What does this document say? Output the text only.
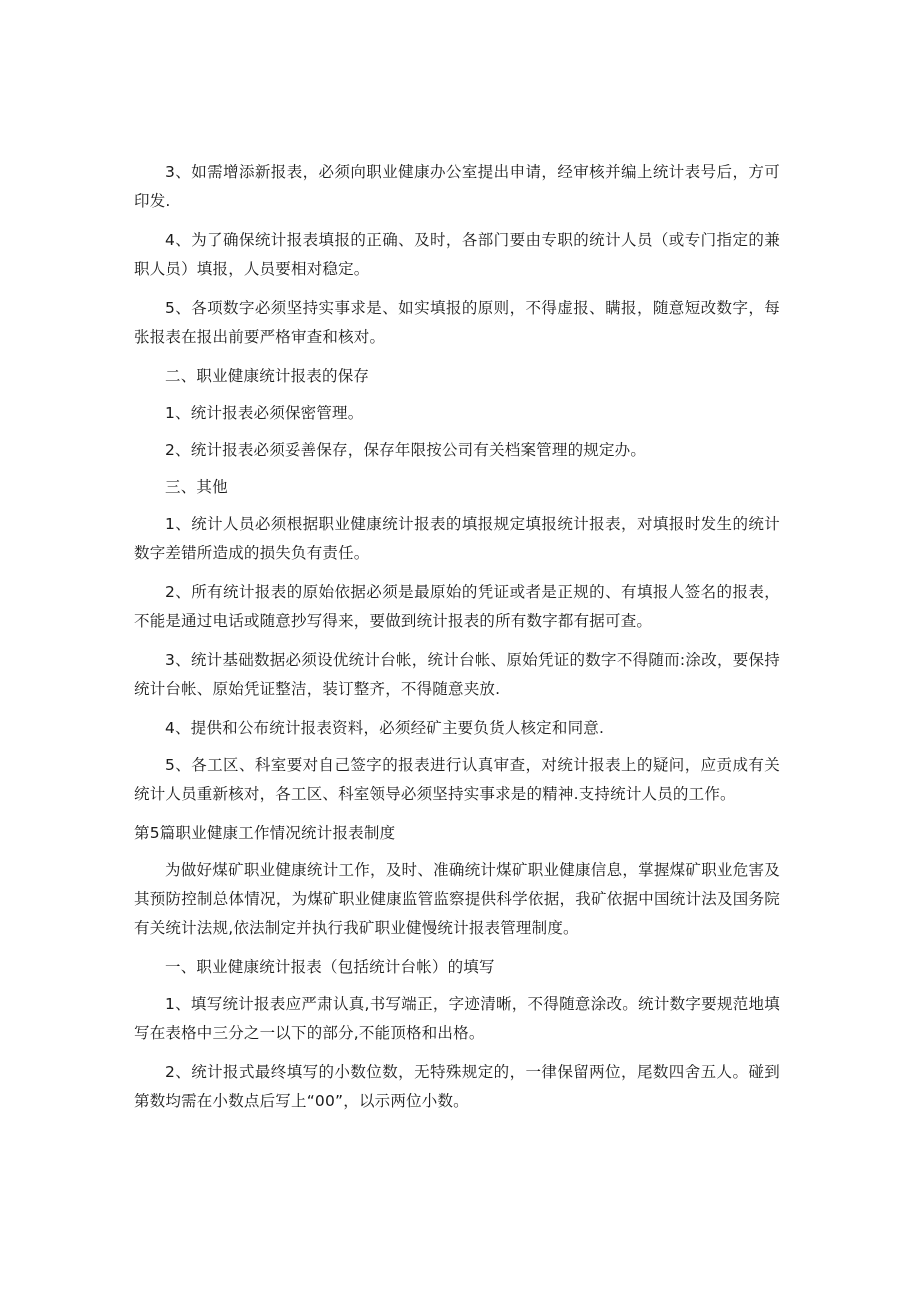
3、如需增添新报表，必须向职业健康办公室提出申请，经审核并编上统计表号后，方可印发.

4、为了确保统计报表填报的正确、及时，各部门要由专职的统计人员（或专门指定的兼职人员）填报，人员要相对稳定。

5、各项数字必须坚持实事求是、如实填报的原则，不得虚报、瞒报，随意短改数字，每张报表在报出前要严格审查和核对。

二、职业健康统计报表的保存

1、统计报表必须保密管理。

2、统计报表必须妥善保存，保存年限按公司有关档案管理的规定办。

三、其他

1、统计人员必须根据职业健康统计报表的填报规定填报统计报表，对填报时发生的统计数字差错所造成的损失负有责任。

2、所有统计报表的原始依据必须是最原始的凭证或者是正规的、有填报人签名的报表，不能是通过电话或随意抄写得来，要做到统计报表的所有数字都有据可查。

3、统计基础数据必须设优统计台帐，统计台帐、原始凭证的数字不得随而:涂改，要保持统计台帐、原始凭证整洁，装订整齐，不得随意夹放.

4、提供和公布统计报表资料，必须经矿主要负货人核定和同意.

5、各工区、科室要对自己签字的报表进行认真审查，对统计报表上的疑问，应贡成有关统计人员重新核对，各工区、科室领导必须坚持实事求是的精神.支持统计人员的工作。

第5篇职业健康工作情况统计报表制度

为做好煤矿职业健康统计工作，及时、准确统计煤矿职业健康信息，掌握煤矿职业危害及其预防控制总体情况，为煤矿职业健康监管监察提供科学依据，我矿依据中国统计法及国务院有关统计法规,依法制定并执行我矿职业健慢统计报表管理制度。

一、职业健康统计报表（包括统计台帐）的填写

1、填写统计报表应严肃认真,书写端正，字迹清晰，不得随意涂改。统计数字要规范地填写在表格中三分之一以下的部分,不能顶格和出格。

2、统计报式最终填写的小数位数，无特殊规定的，一律保留两位，尾数四舍五人。碰到第数均需在小数点后写上“00”，以示两位小数。
